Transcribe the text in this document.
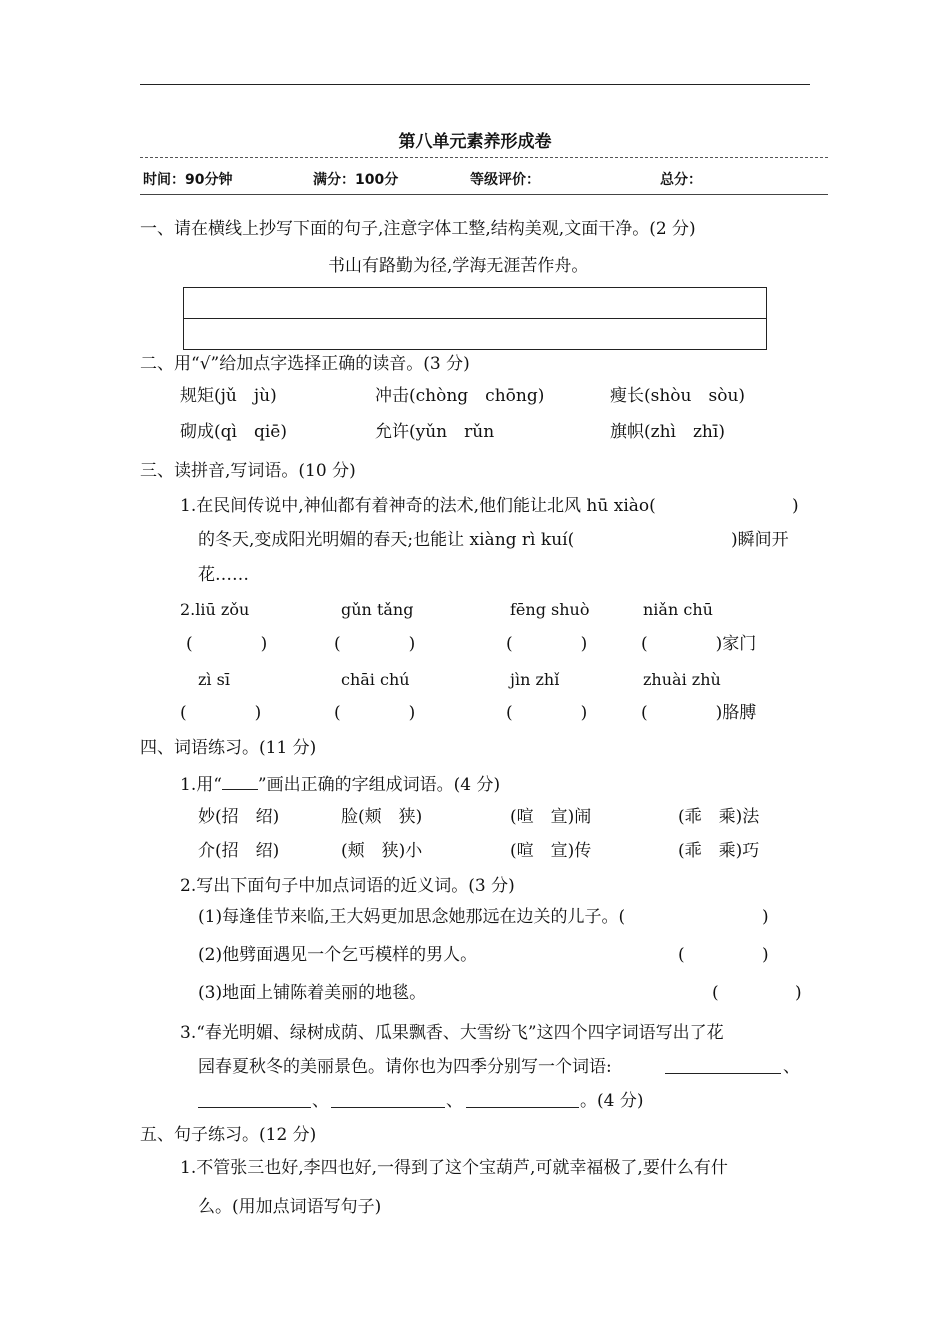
第八单元素养形成卷
时间：90分钟	满分：100分	等级评价：	总分：
一、请在横线上抄写下面的句子,注意字体工整,结构美观,文面干净。(2 分)
书山有路勤为径,学海无涯苦作舟。
二、用“√”给加点字选择正确的读音。(3 分)
规矩(jǔ　jù)	冲击(chòng　chōng)	瘦长(shòu　sòu)
砌成(qì　qiē)	允许(yǔn　rǔn	旗帜(zhì　zhī)
三、读拼音,写词语。(10 分)
1.在民间传说中,神仙都有着神奇的法术,他们能让北风 hū xiào(	)
的冬天,变成阳光明媚的春天;也能让 xiàng rì kuí(	)瞬间开
花……
2.liū zǒu	gǔn tǎng	fēng shuò	niǎn chū
(　　　　)	(　　　　)	(　　　　)	(　　　　)家门
zì sī	chāi chú	jìn zhǐ	zhuài zhù
(　　　　)	(　　　　)	(　　　　)	(　　　　)胳膊
四、词语练习。(11 分)
1.用“ ”画出正确的字组成词语。(4 分)
妙(招　绍)	脸(颊　狭)	(喧　宣)闹	(乖　乘)法
介(招　绍)	(颊　狭)小	(喧　宣)传	(乖　乘)巧
2.写出下面句子中加点词语的近义词。(3 分)
(1)每逢佳节来临,王大妈更加思念她那远在边关的儿子。(	)
(2)他劈面遇见一个乞丐模样的男人。	(	)
(3)地面上铺陈着美丽的地毯。	(	)
3.“春光明媚、绿树成荫、瓜果飘香、大雪纷飞”这四个四字词语写出了花
园春夏秋冬的美丽景色。请你也为四季分别写一个词语:	、
、	、	。(4 分)
五、句子练习。(12 分)
1.不管张三也好,李四也好,一得到了这个宝葫芦,可就幸福极了,要什么有什
么。(用加点词语写句子)
